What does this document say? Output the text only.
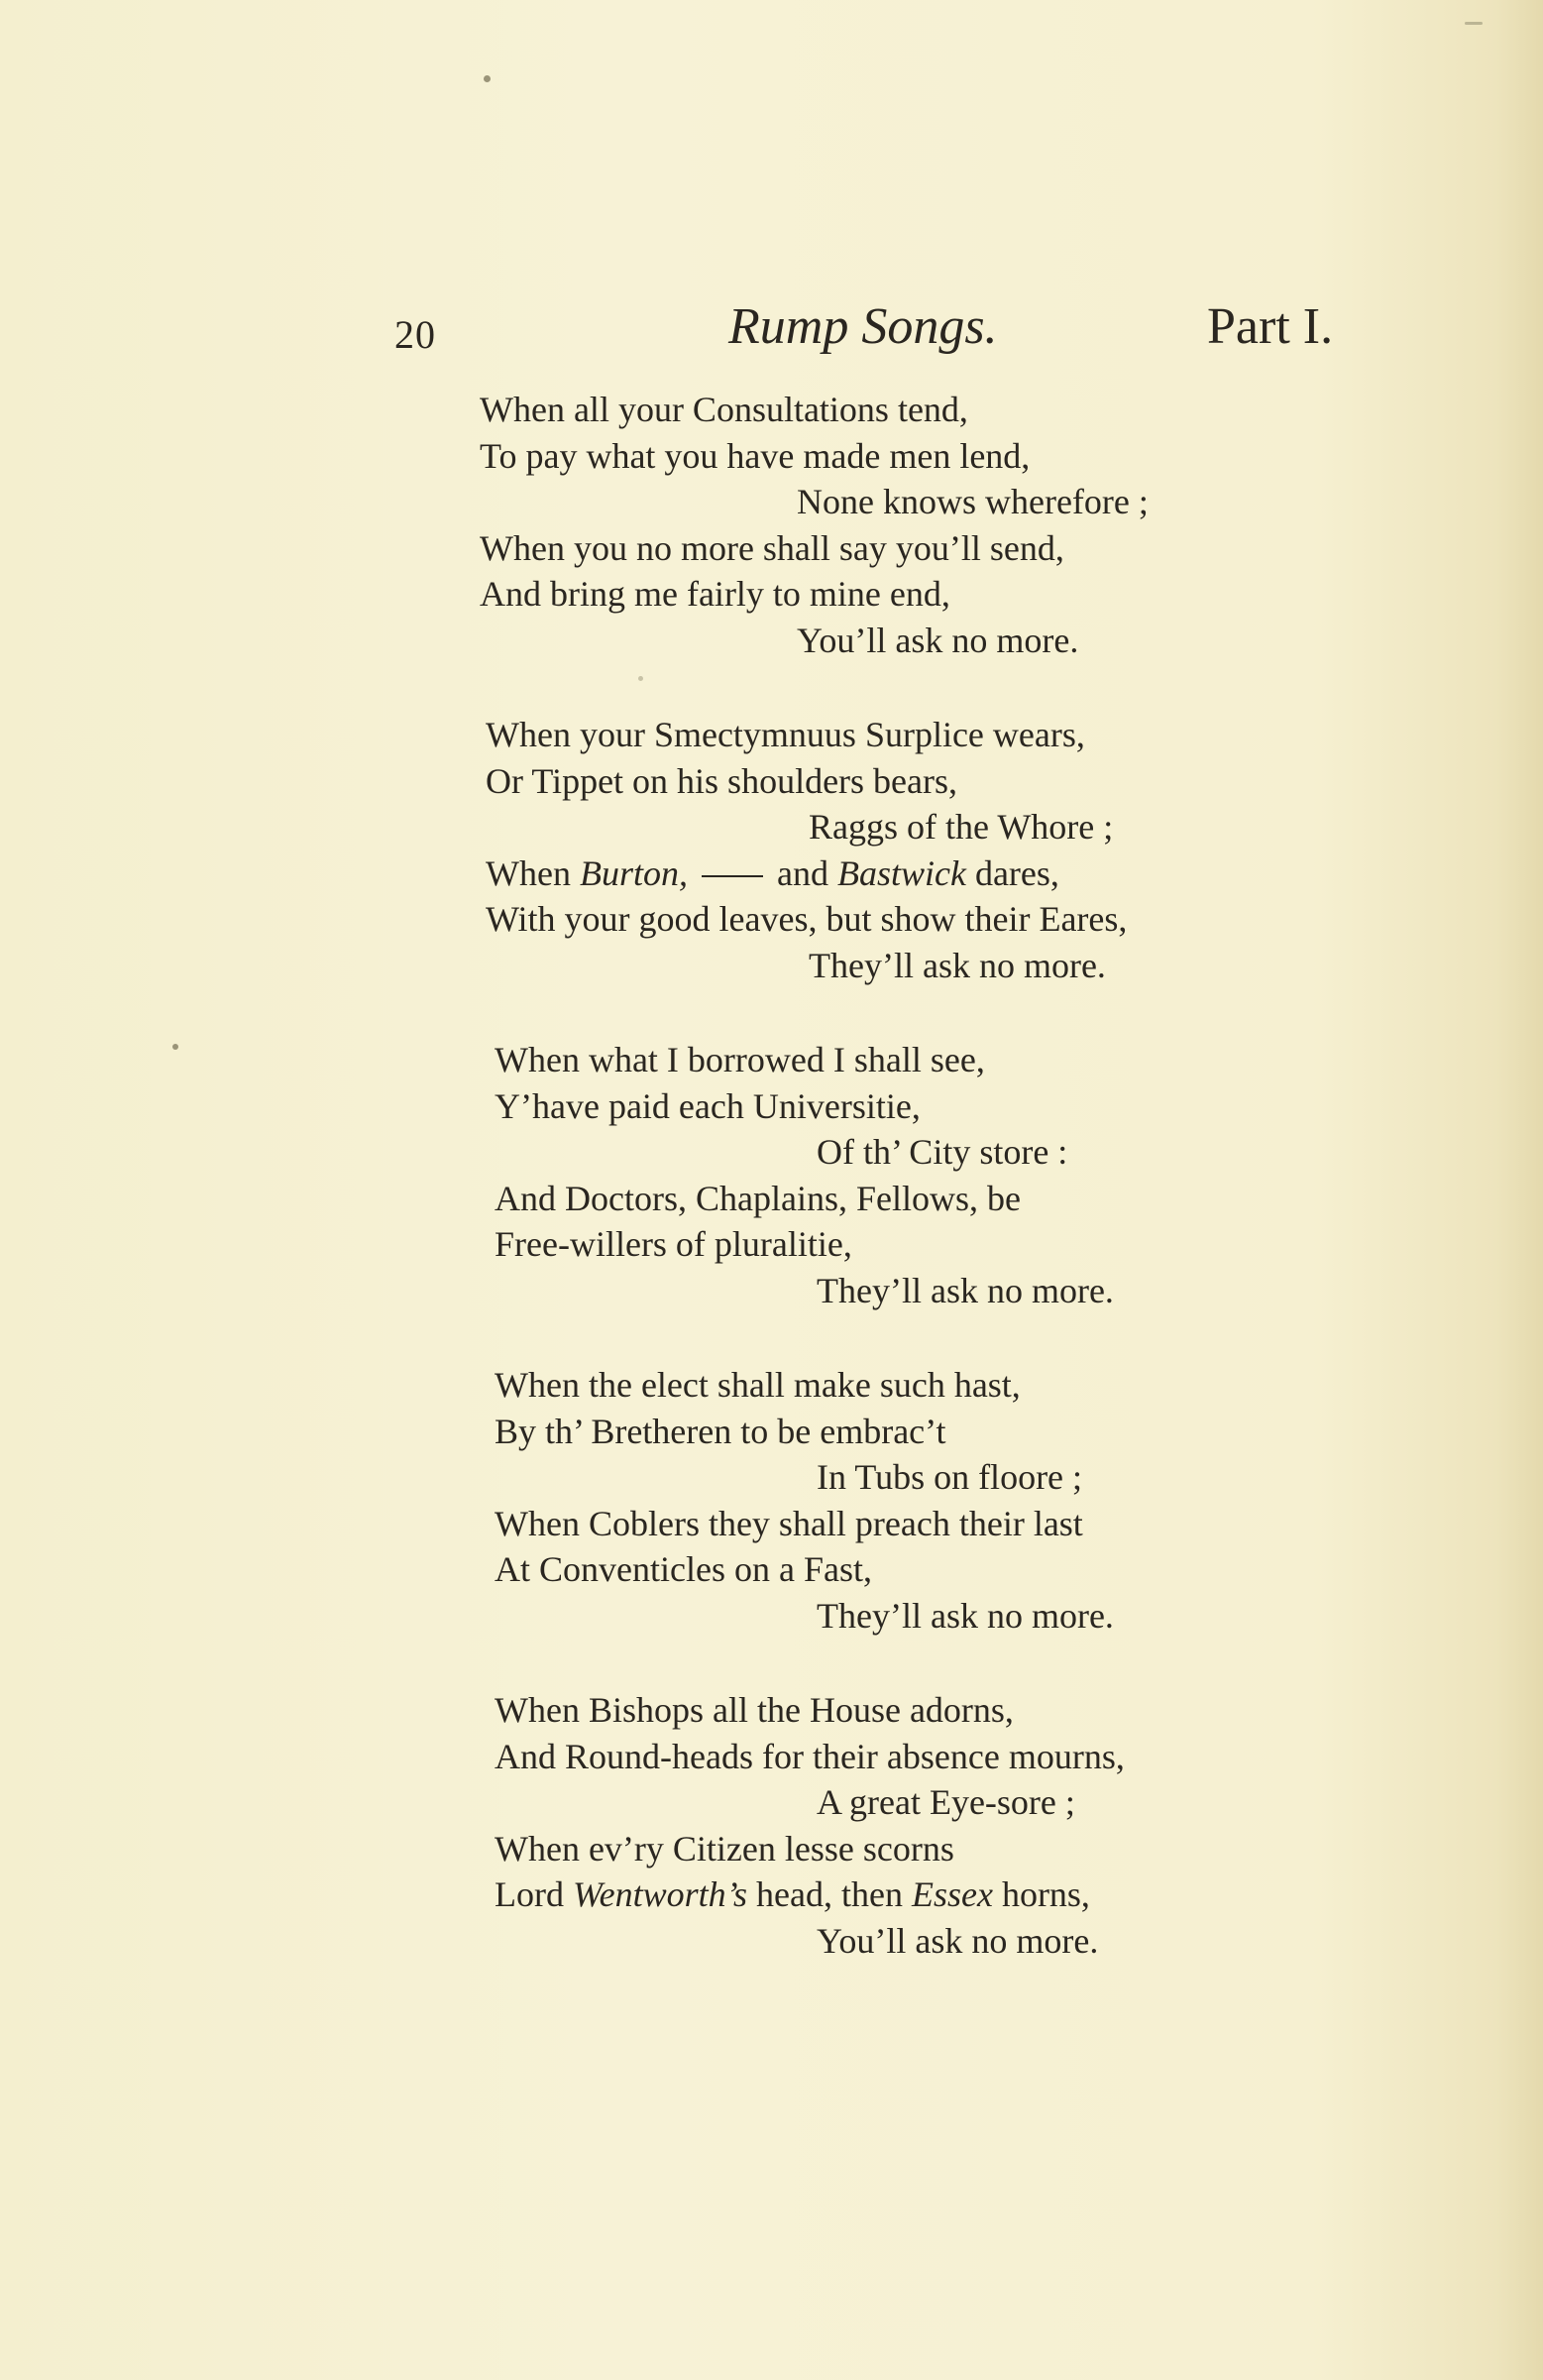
20	Rump Songs.	Part I.
When all your Consultations tend,
To pay what you have made men lend,
None knows wherefore ;
When you no more shall say you’ll send,
And bring me fairly to mine end,
You’ll ask no more.
When your Smectymnuus Surplice wears,
Or Tippet on his shoulders bears,
Raggs of the Whore ;
When Burton,	and Bastwick dares,
With your good leaves, but show their Eares,
They’ll ask no more.
When what I borrowed I shall see,
Y’have paid each Universitie,
Of th’ City store :
And Doctors, Chaplains, Fellows, be
Free-willers of pluralitie,
They’ll ask no more.
When the elect shall make such hast,
By th’ Bretheren to be embrac’t
In Tubs on floore ;
When Coblers they shall preach their last
At Conventicles on a Fast,
They’ll ask no more.
When Bishops all the House adorns,
And Round-heads for their absence mourns,
A great Eye-sore ;
When ev’ry Citizen lesse scorns
Lord Wentworth’s head, then Essex horns,
You’ll ask no more.
